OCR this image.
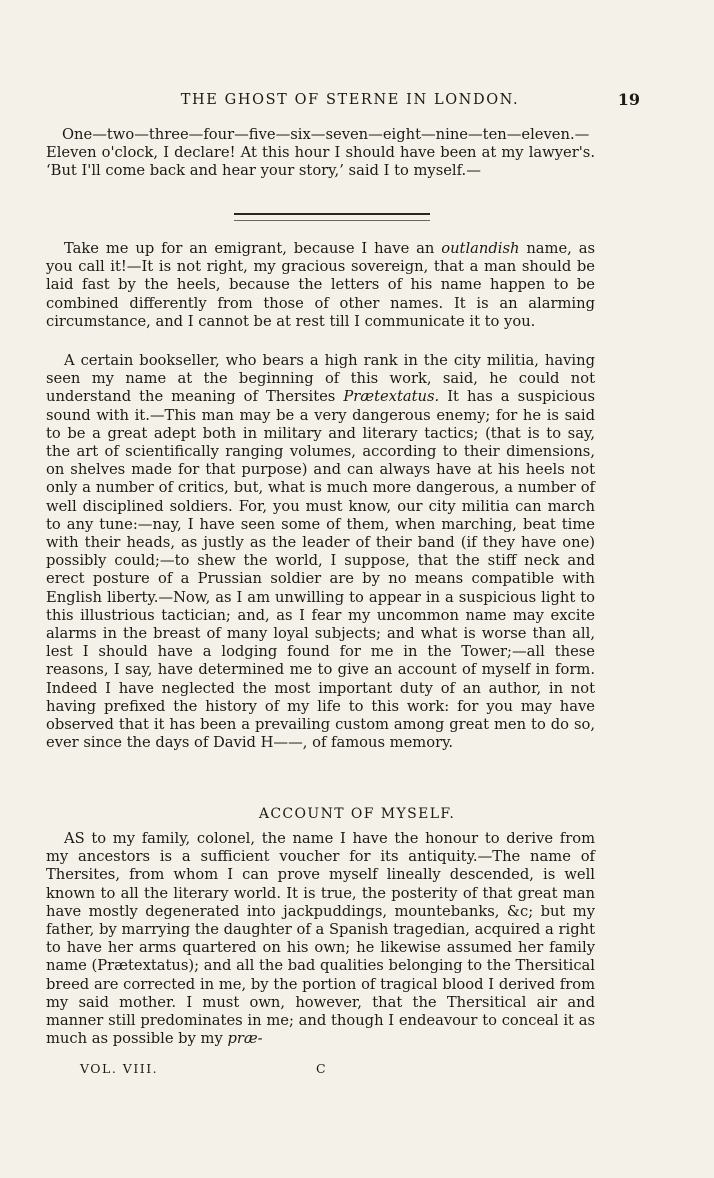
THE GHOST OF STERNE IN LONDON.	19

One—two—three—four—five—six—seven—eight—nine—ten—eleven.—Eleven o'clock, I declare! At this hour I should have been at my lawyer's. ‘But I'll come back and hear your story,’ said I to myself.—

Take me up for an emigrant, because I have an outlandish name, as you call it!—It is not right, my gracious sovereign, that a man should be laid fast by the heels, because the letters of his name happen to be combined differently from those of other names. It is an alarming circumstance, and I cannot be at rest till I communicate it to you.

A certain bookseller, who bears a high rank in the city militia, having seen my name at the beginning of this work, said, he could not understand the meaning of Thersites Prætextatus. It has a suspicious sound with it.—This man may be a very dangerous enemy; for he is said to be a great adept both in military and literary tactics; (that is to say, the art of scientifically ranging volumes, according to their dimensions, on shelves made for that purpose) and can always have at his heels not only a number of critics, but, what is much more dangerous, a number of well disciplined soldiers. For, you must know, our city militia can march to any tune:—nay, I have seen some of them, when marching, beat time with their heads, as justly as the leader of their band (if they have one) possibly could;—to shew the world, I suppose, that the stiff neck and erect posture of a Prussian soldier are by no means compatible with English liberty.—Now, as I am unwilling to appear in a suspicious light to this illustrious tactician; and, as I fear my uncommon name may excite alarms in the breast of many loyal subjects; and what is worse than all, lest I should have a lodging found for me in the Tower;—all these reasons, I say, have determined me to give an account of myself in form. Indeed I have neglected the most important duty of an author, in not having prefixed the history of my life to this work: for you may have observed that it has been a prevailing custom among great men to do so, ever since the days of David H——, of famous memory.

ACCOUNT OF MYSELF.

AS to my family, colonel, the name I have the honour to derive from my ancestors is a sufficient voucher for its antiquity.—The name of Thersites, from whom I can prove myself lineally descended, is well known to all the literary world. It is true, the posterity of that great man have mostly degenerated into jackpuddings, mountebanks, &c; but my father, by marrying the daughter of a Spanish tragedian, acquired a right to have her arms quartered on his own; he likewise assumed her family name (Prætextatus); and all the bad qualities belonging to the Thersitical breed are corrected in me, by the portion of tragical blood I derived from my said mother. I must own, however, that the Thersitical air and manner still predominates in me; and though I endeavour to conceal it as much as possible by my præ-

VOL. VIII.	C
